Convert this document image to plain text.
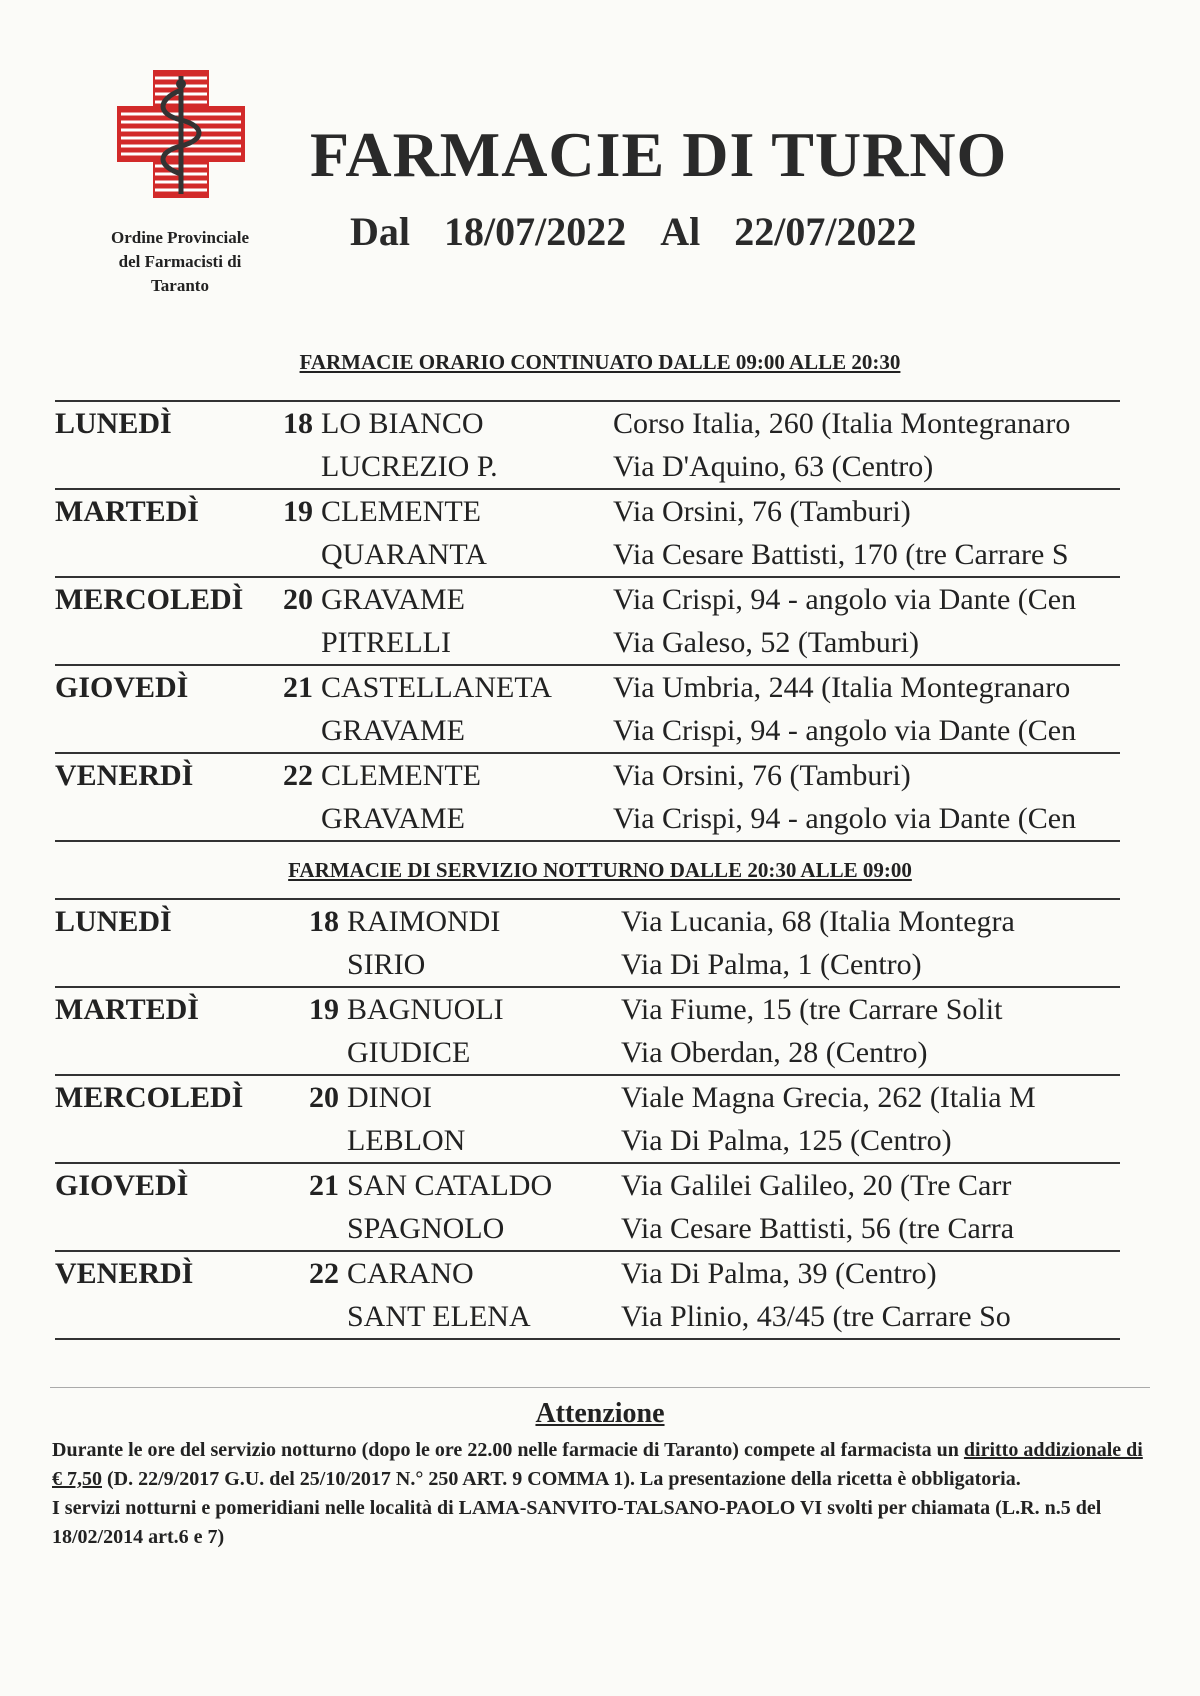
Ordine Provinciale
del Farmacisti di
Taranto
FARMACIE DI TURNO
Dal 18/07/2022 Al 22/07/2022
FARMACIE ORARIO CONTINUATO DALLE 09:00 ALLE 20:30
LUNEDÌ	18 LO BIANCO	Corso Italia, 260 (Italia Montegranaro
LUCREZIO P.	Via D'Aquino, 63 (Centro)
MARTEDÌ	19 CLEMENTE	Via Orsini, 76 (Tamburi)
QUARANTA	Via Cesare Battisti, 170 (tre Carrare S
MERCOLEDÌ	20 GRAVAME	Via Crispi, 94 - angolo via Dante (Cen
PITRELLI	Via Galeso, 52 (Tamburi)
GIOVEDÌ	21 CASTELLANETA	Via Umbria, 244 (Italia Montegranaro
GRAVAME	Via Crispi, 94 - angolo via Dante (Cen
VENERDÌ	22 CLEMENTE	Via Orsini, 76 (Tamburi)
GRAVAME	Via Crispi, 94 - angolo via Dante (Cen
FARMACIE DI SERVIZIO NOTTURNO DALLE 20:30 ALLE 09:00
LUNEDÌ	18 RAIMONDI	Via Lucania, 68 (Italia Montegra
SIRIO	Via Di Palma, 1 (Centro)
MARTEDÌ	19 BAGNUOLI	Via Fiume, 15 (tre Carrare Solit
GIUDICE	Via Oberdan, 28 (Centro)
MERCOLEDÌ	20 DINOI	Viale Magna Grecia, 262 (Italia M
LEBLON	Via Di Palma, 125 (Centro)
GIOVEDÌ	21 SAN CATALDO	Via Galilei Galileo, 20 (Tre Carr
SPAGNOLO	Via Cesare Battisti, 56 (tre Carra
VENERDÌ	22 CARANO	Via Di Palma, 39 (Centro)
SANT ELENA	Via Plinio, 43/45 (tre Carrare So
Attenzione

Durante le ore del servizio notturno (dopo le ore 22.00 nelle farmacie di Taranto) compete al farmacista un diritto addizionale di € 7,50 (D. 22/9/2017 G.U. del 25/10/2017 N.° 250 ART. 9 COMMA 1). La presentazione della ricetta è obbligatoria.

I servizi notturni e pomeridiani nelle località di LAMA-SANVITO-TALSANO-PAOLO VI svolti per chiamata (L.R. n.5 del 18/02/2014 art.6 e 7)
